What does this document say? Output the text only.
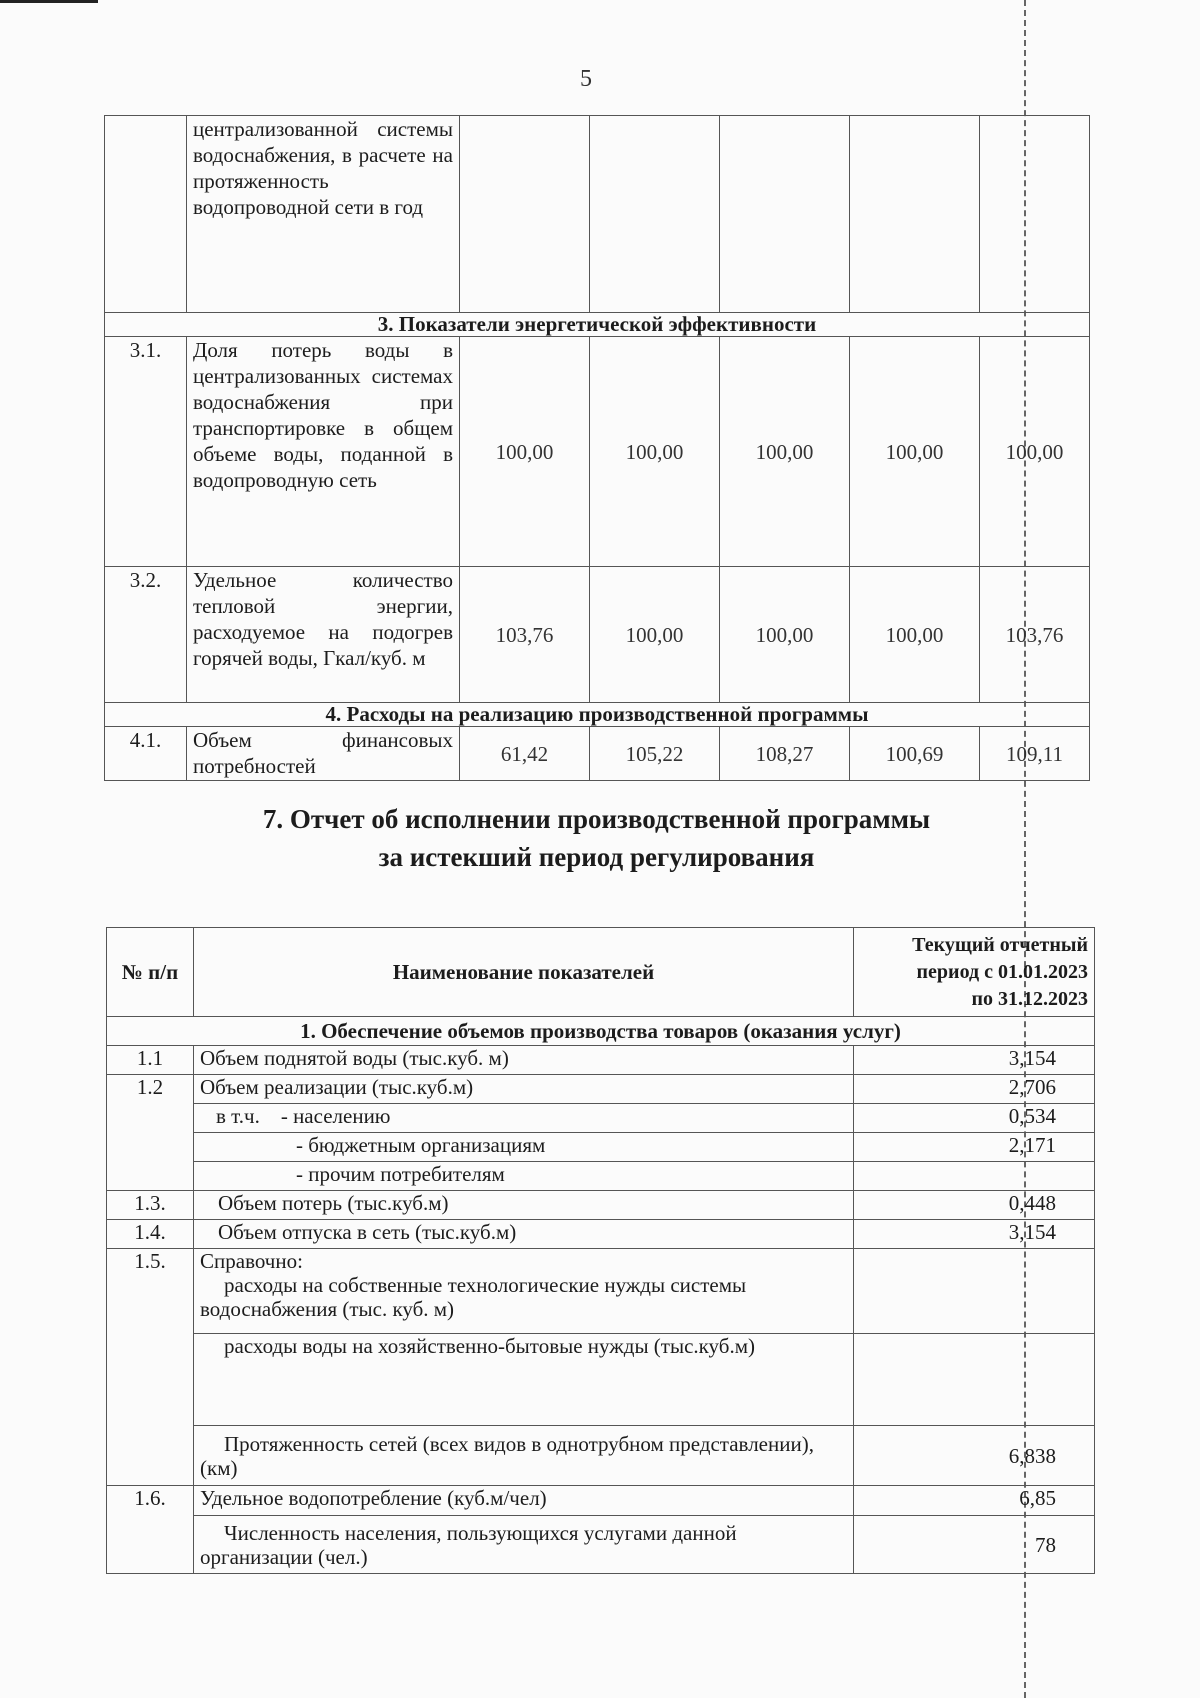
5
	централизованной системы водоснабжения, в расчете на протяженность водопроводной сети в год					
3. Показатели энергетической эффективности						
3.1.	Доля потерь воды в централизованных системах водоснабжения при транспортировке в общем объеме воды, поданной в водопроводную сеть	100,00	100,00	100,00	100,00	100,00
3.2.	Удельное количество тепловой энергии, расходуемое на подогрев горячей воды, Гкал/куб. м	103,76	100,00	100,00	100,00	103,76
4. Расходы на реализацию производственной программы						
4.1.	Объем финансовых потребностей	61,42	105,22	108,27	100,69	109,11
7. Отчет об исполнении производственной программы
за истекший период регулирования
№ п/п	Наименование показателей	Текущий отчетный
период с 01.01.2023
по 31.12.2023

1. Обеспечение объемов производства товаров (оказания услуг)		
1.1	Объем поднятой воды (тыс.куб. м)	3,154
1.2	Объем реализации (тыс.куб.м)	2,706
	в т.ч.    - населению	0,534
	- бюджетным организациям	2,171
	- прочим потребителям	
1.3.	Объем потерь (тыс.куб.м)	0,448
1.4.	Объем отпуска в сеть (тыс.куб.м)	3,154
1.5.	Справочно:
расходы на собственные технологические нужды системы водоснабжения (тыс. куб. м)	

	расходы воды на хозяйственно-бытовые нужды (тыс.куб.м)	
	Протяженность сетей (всех видов в однотрубном представлении), (км)	6,838
1.6.	Удельное водопотребление (куб.м/чел)	6,85
	Численность населения, пользующихся услугами данной организации (чел.)	78
